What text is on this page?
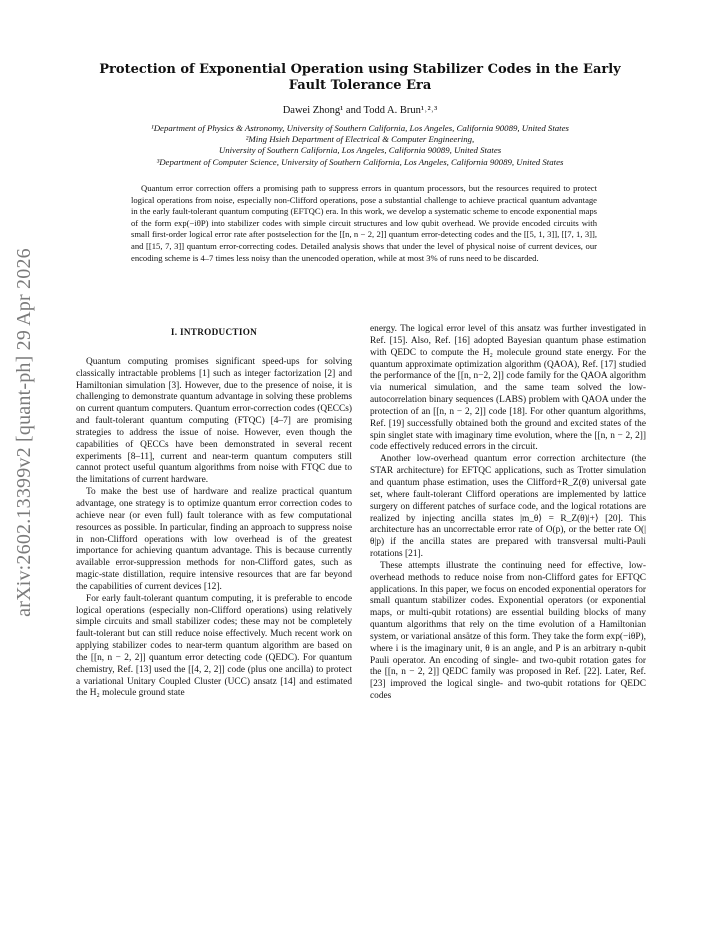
arXiv:2602.13399v2 [quant-ph] 29 Apr 2026
Protection of Exponential Operation using Stabilizer Codes in the Early Fault Tolerance Era
Dawei Zhong¹ and Todd A. Brun¹˒²˒³
¹Department of Physics & Astronomy, University of Southern California, Los Angeles, California 90089, United States
²Ming Hsieh Department of Electrical & Computer Engineering,
University of Southern California, Los Angeles, California 90089, United States
³Department of Computer Science, University of Southern California, Los Angeles, California 90089, United States
Quantum error correction offers a promising path to suppress errors in quantum processors, but the resources required to protect logical operations from noise, especially non-Clifford operations, pose a substantial challenge to achieve practical quantum advantage in the early fault-tolerant quantum computing (EFTQC) era. In this work, we develop a systematic scheme to encode exponential maps of the form exp(−iθP) into stabilizer codes with simple circuit structures and low qubit overhead. We provide encoded circuits with small first-order logical error rate after postselection for the [[n, n − 2, 2]] quantum error-detecting codes and the [[5, 1, 3]], [[7, 1, 3]], and [[15, 7, 3]] quantum error-correcting codes. Detailed analysis shows that under the level of physical noise of current devices, our encoding scheme is 4–7 times less noisy than the unencoded operation, while at most 3% of runs need to be discarded.
I. INTRODUCTION

Quantum computing promises significant speed-ups for solving classically intractable problems [1] such as integer factorization [2] and Hamiltonian simulation [3]. However, due to the presence of noise, it is challenging to demonstrate quantum advantage in solving these problems on current quantum computers. Quantum error-correction codes (QECCs) and fault-tolerant quantum computing (FTQC) [4–7] are promising strategies to address the issue of noise. However, even though the capabilities of QECCs have been demonstrated in several recent experiments [8–11], current and near-term quantum computers still cannot protect useful quantum algorithms from noise with FTQC due to the limitations of current hardware.

To make the best use of hardware and realize practical quantum advantage, one strategy is to optimize quantum error correction codes to achieve near (or even full) fault tolerance with as few computational resources as possible. In particular, finding an approach to suppress noise in non-Clifford operations with low overhead is of the greatest importance for achieving quantum advantage. This is because currently available error-suppression methods for non-Clifford gates, such as magic-state distillation, require intensive resources that are far beyond the capabilities of current devices [12].

For early fault-tolerant quantum computing, it is preferable to encode logical operations (especially non-Clifford operations) using relatively simple circuits and small stabilizer codes; these may not be completely fault-tolerant but can still reduce noise effectively. Much recent work on applying stabilizer codes to near-term quantum algorithm are based on the [[n, n − 2, 2]] quantum error detecting code (QEDC). For quantum chemistry, Ref. [13] used the [[4, 2, 2]] code (plus one ancilla) to protect a variational Unitary Coupled Cluster (UCC) ansatz [14] and estimated the H₂ molecule ground state

energy. The logical error level of this ansatz was further investigated in Ref. [15]. Also, Ref. [16] adopted Bayesian quantum phase estimation with QEDC to compute the H₂ molecule ground state energy. For the quantum approximate optimization algorithm (QAOA), Ref. [17] studied the performance of the [[n, n−2, 2]] code family for the QAOA algorithm via numerical simulation, and the same team solved the low-autocorrelation binary sequences (LABS) problem with QAOA under the protection of an [[n, n − 2, 2]] code [18]. For other quantum algorithms, Ref. [19] successfully obtained both the ground and excited states of the spin singlet state with imaginary time evolution, where the [[n, n − 2, 2]] code effectively reduced errors in the circuit.

Another low-overhead quantum error correction architecture (the STAR architecture) for EFTQC applications, such as Trotter simulation and quantum phase estimation, uses the Clifford+R_Z(θ) universal gate set, where fault-tolerant Clifford operations are implemented by lattice surgery on different patches of surface code, and the logical rotations are realized by injecting ancilla states |m_θ⟩ = R_Z(θ)|+⟩ [20]. This architecture has an uncorrectable error rate of O(p), or the better rate O(|θ|p) if the ancilla states are prepared with transversal multi-Pauli rotations [21].

These attempts illustrate the continuing need for effective, low-overhead methods to reduce noise from non-Clifford gates for EFTQC applications. In this paper, we focus on encoded exponential operators for small quantum stabilizer codes. Exponential operators (or exponential maps, or multi-qubit rotations) are essential building blocks of many quantum algorithms that rely on the time evolution of a Hamiltonian system, or variational ansätze of this form. They take the form exp(−iθP), where i is the imaginary unit, θ is an angle, and P is an arbitrary n-qubit Pauli operator. An encoding of single- and two-qubit rotation gates for the [[n, n − 2, 2]] QEDC family was proposed in Ref. [22]. Later, Ref. [23] improved the logical single- and two-qubit rotations for QEDC codes
